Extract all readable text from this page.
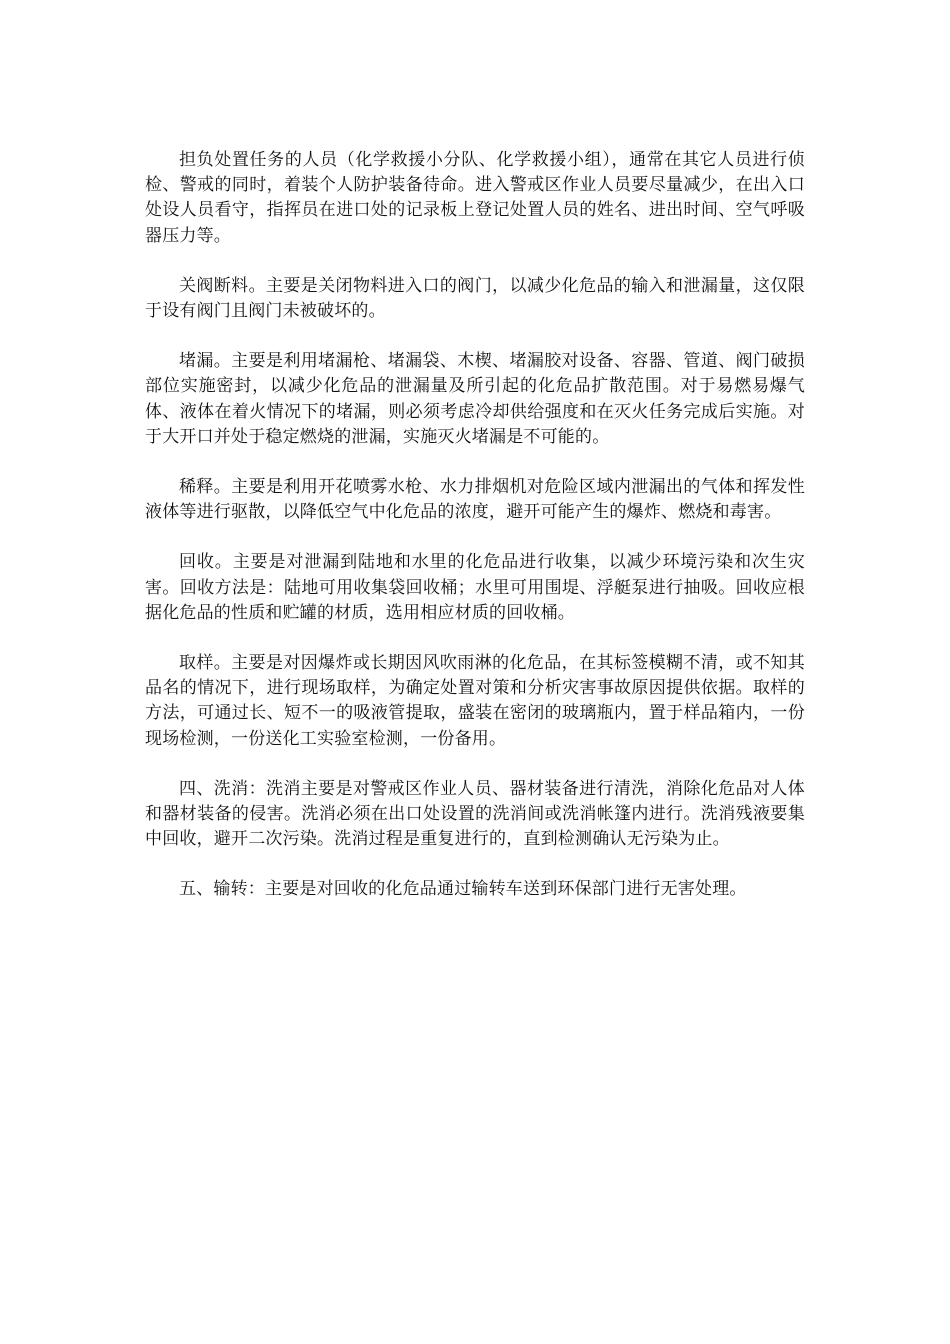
担负处置任务的人员（化学救援小分队、化学救援小组），通常在其它人员进行侦检、警戒的同时，着装个人防护装备待命。进入警戒区作业人员要尽量减少，在出入口处设人员看守，指挥员在进口处的记录板上登记处置人员的姓名、进出时间、空气呼吸器压力等。

关阀断料。主要是关闭物料进入口的阀门，以减少化危品的输入和泄漏量，这仅限于设有阀门且阀门未被破坏的。

堵漏。主要是利用堵漏枪、堵漏袋、木楔、堵漏胶对设备、容器、管道、阀门破损部位实施密封，以减少化危品的泄漏量及所引起的化危品扩散范围。对于易燃易爆气体、液体在着火情况下的堵漏，则必须考虑冷却供给强度和在灭火任务完成后实施。对于大开口并处于稳定燃烧的泄漏，实施灭火堵漏是不可能的。

稀释。主要是利用开花喷雾水枪、水力排烟机对危险区域内泄漏出的气体和挥发性液体等进行驱散，以降低空气中化危品的浓度，避开可能产生的爆炸、燃烧和毒害。

回收。主要是对泄漏到陆地和水里的化危品进行收集，以减少环境污染和次生灾害。回收方法是：陆地可用收集袋回收桶；水里可用围堤、浮艇泵进行抽吸。回收应根据化危品的性质和贮罐的材质，选用相应材质的回收桶。

取样。主要是对因爆炸或长期因风吹雨淋的化危品，在其标签模糊不清，或不知其品名的情况下，进行现场取样，为确定处置对策和分析灾害事故原因提供依据。取样的方法，可通过长、短不一的吸液管提取，盛装在密闭的玻璃瓶内，置于样品箱内，一份现场检测，一份送化工实验室检测，一份备用。

四、洗消：洗消主要是对警戒区作业人员、器材装备进行清洗，消除化危品对人体和器材装备的侵害。洗消必须在出口处设置的洗消间或洗消帐篷内进行。洗消残液要集中回收，避开二次污染。洗消过程是重复进行的，直到检测确认无污染为止。

五、输转：主要是对回收的化危品通过输转车送到环保部门进行无害处理。
